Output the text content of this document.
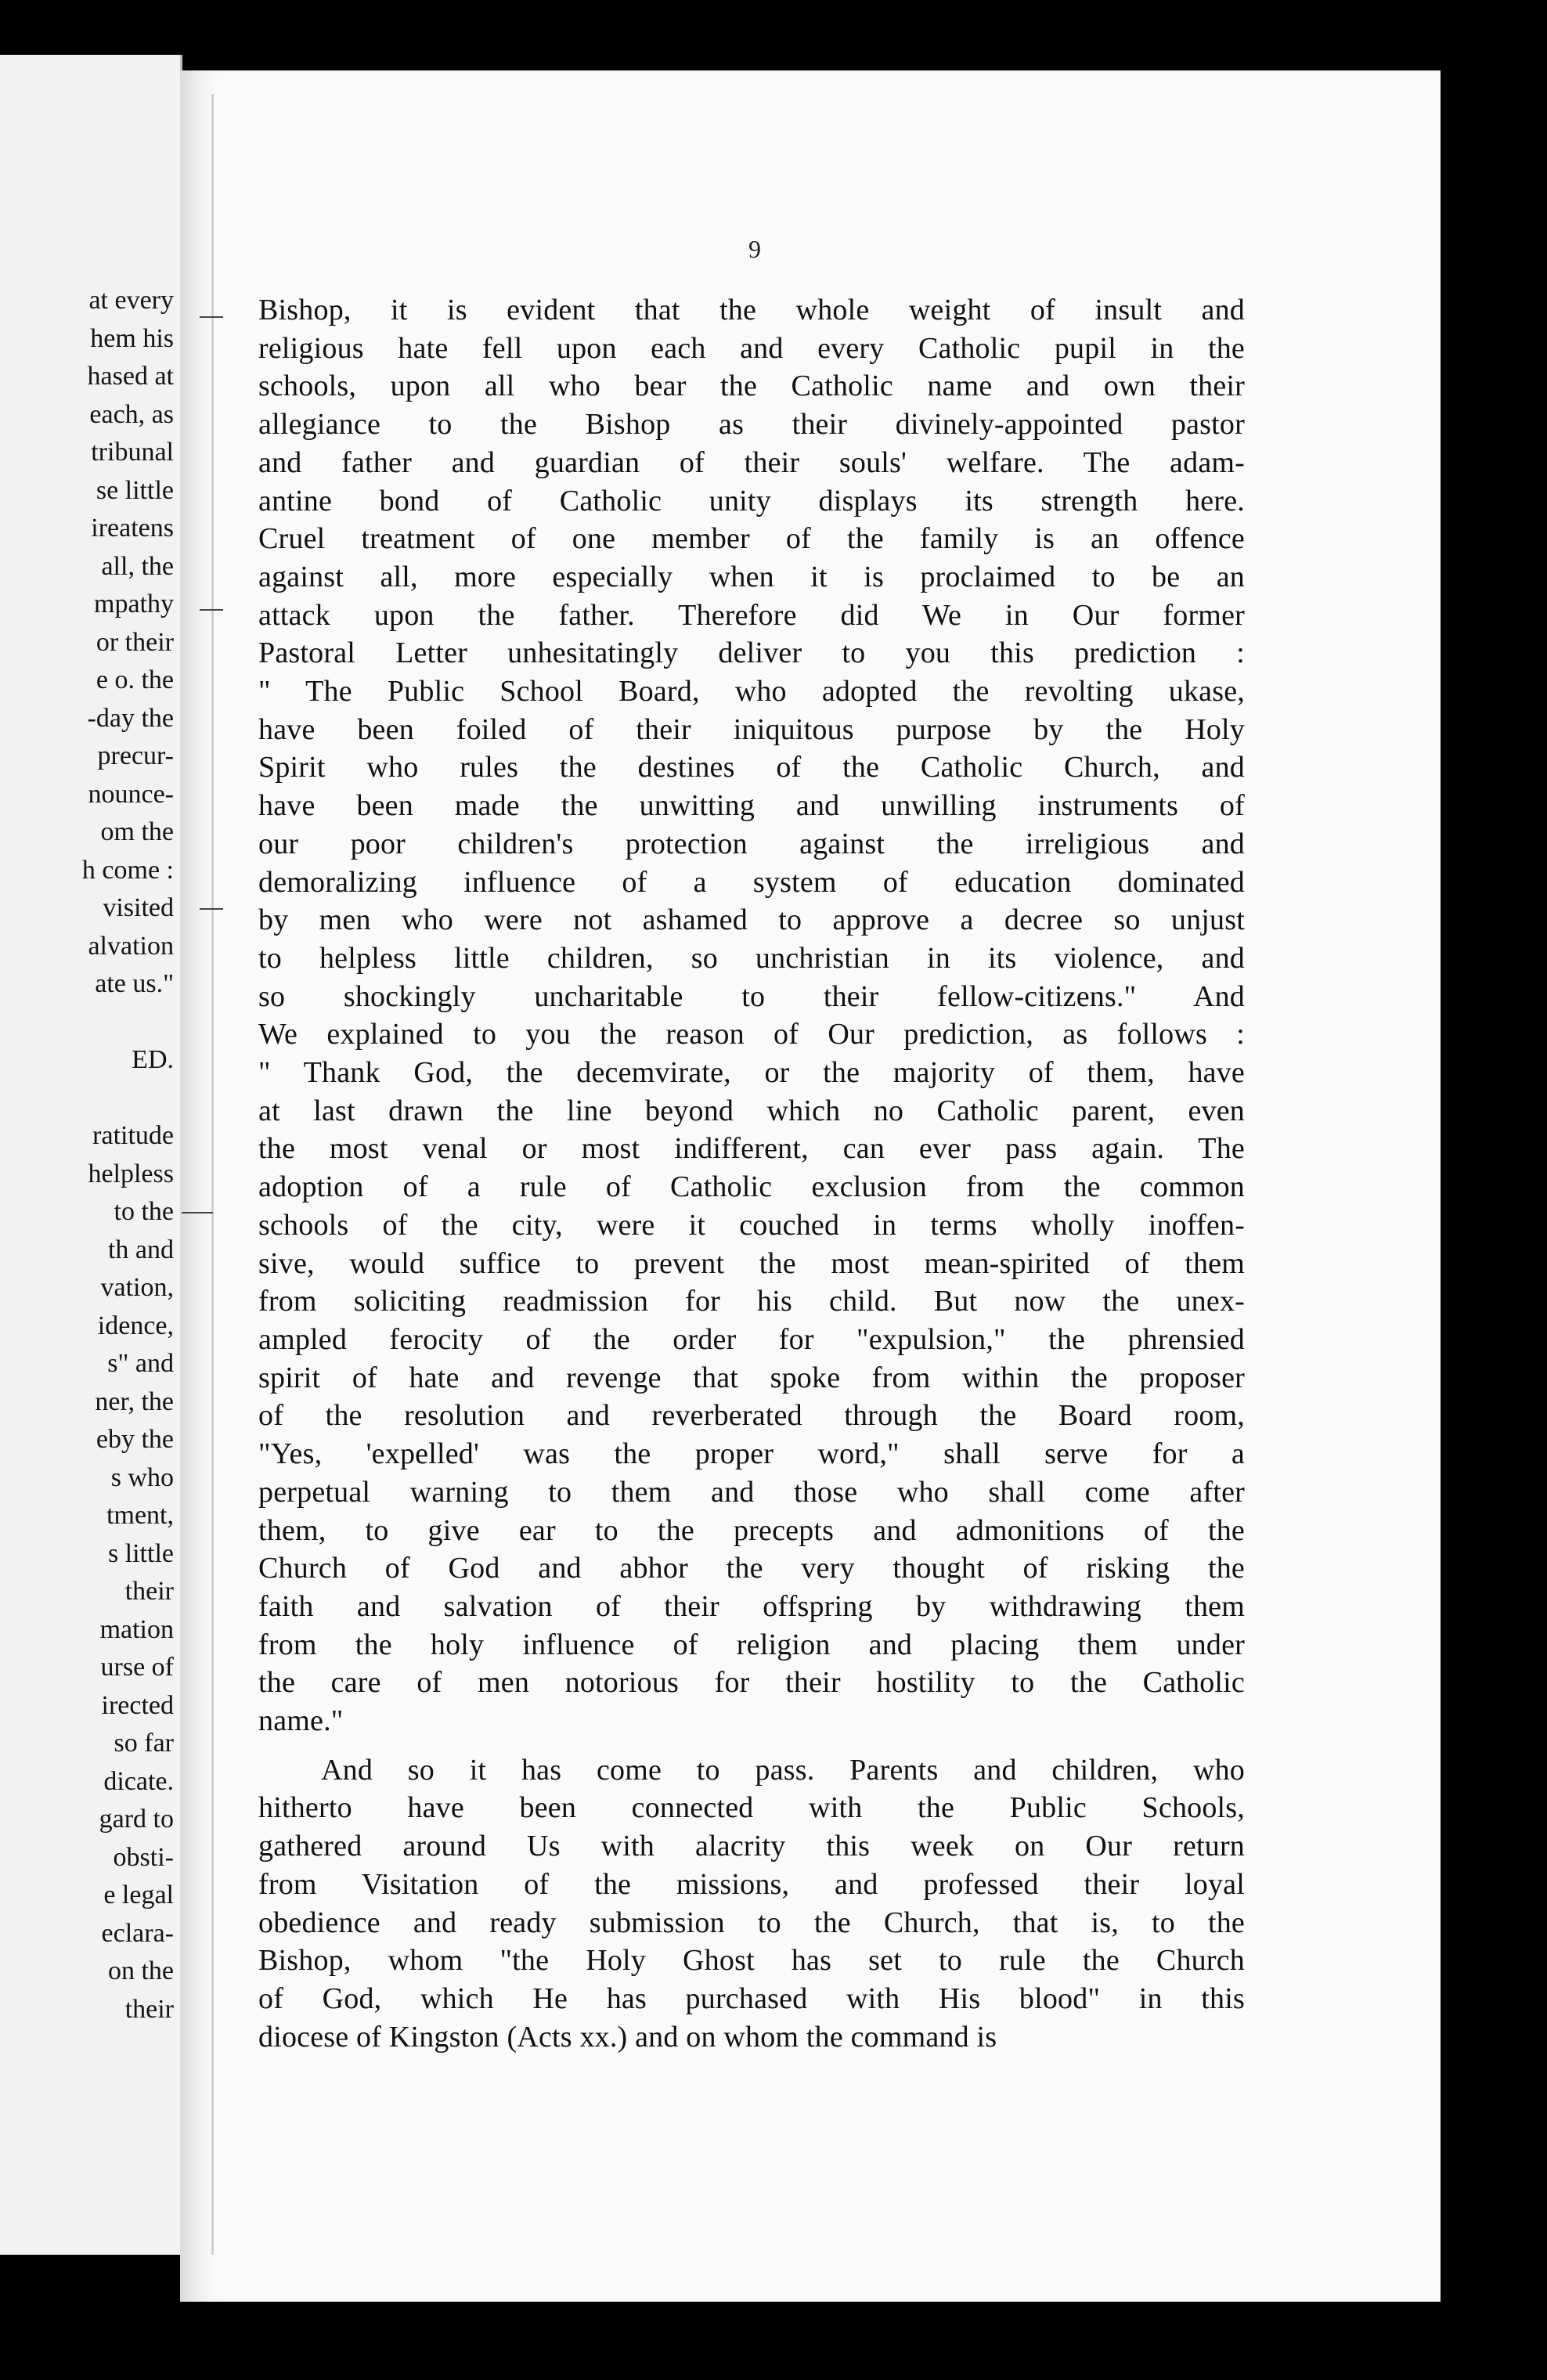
at every
hem his
hased at
each, as
tribunal
se little
ireatens
all, the
mpathy
or their
e o. the
-day the
precur-
nounce-
om the
h come :
visited
alvation
ate us."

ED.

ratitude
helpless
to the
th and
vation,
idence,
s" and
ner, the
eby the
s who
tment,
s little
their
mation
urse of
irected
so far
dicate.
gard to
obsti-
e legal
eclara-
on the
their
9
Bishop, it is evident that the whole weight of insult and
religious hate fell upon each and every Catholic pupil in the
schools, upon all who bear the Catholic name and own their
allegiance to the Bishop as their divinely-appointed pastor
and father and guardian of their souls' welfare. The adam-
antine bond of Catholic unity displays its strength here.
Cruel treatment of one member of the family is an offence
against all, more especially when it is proclaimed to be an
attack upon the father. Therefore did We in Our former
Pastoral Letter unhesitatingly deliver to you this prediction :
" The Public School Board, who adopted the revolting ukase,
have been foiled of their iniquitous purpose by the Holy
Spirit who rules the destines of the Catholic Church, and
have been made the unwitting and unwilling instruments of
our poor children's protection against the irreligious and
demoralizing influence of a system of education dominated
by men who were not ashamed to approve a decree so unjust
to helpless little children, so unchristian in its violence, and
so shockingly uncharitable to their fellow-citizens." And
We explained to you the reason of Our prediction, as follows :
" Thank God, the decemvirate, or the majority of them, have
at last drawn the line beyond which no Catholic parent, even
the most venal or most indifferent, can ever pass again. The
adoption of a rule of Catholic exclusion from the common
schools of the city, were it couched in terms wholly inoffen-
sive, would suffice to prevent the most mean-spirited of them
from soliciting readmission for his child. But now the unex-
ampled ferocity of the order for "expulsion," the phrensied
spirit of hate and revenge that spoke from within the proposer
of the resolution and reverberated through the Board room,
"Yes, 'expelled' was the proper word," shall serve for a
perpetual warning to them and those who shall come after
them, to give ear to the precepts and admonitions of the
Church of God and abhor the very thought of risking the
faith and salvation of their offspring by withdrawing them
from the holy influence of religion and placing them under
the care of men notorious for their hostility to the Catholic
name."
And so it has come to pass. Parents and children, who
hitherto have been connected with the Public Schools,
gathered around Us with alacrity this week on Our return
from Visitation of the missions, and professed their loyal
obedience and ready submission to the Church, that is, to the
Bishop, whom "the Holy Ghost has set to rule the Church
of God, which He has purchased with His blood" in this
diocese of Kingston (Acts xx.) and on whom the command is
